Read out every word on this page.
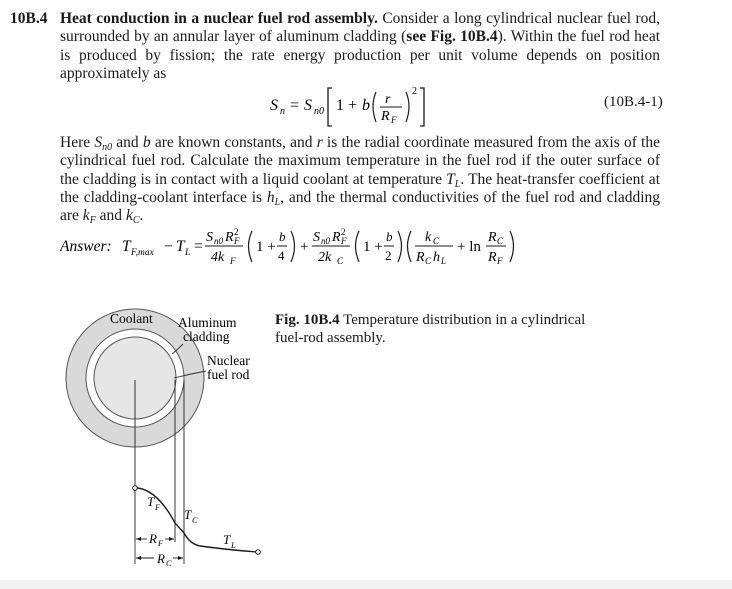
10B.4 Heat conduction in a nuclear fuel rod assembly. Consider a long cylindrical nuclear fuel rod, surrounded by an annular layer of aluminum cladding (see Fig. 10B.4). Within the fuel rod heat is produced by fission; the rate energy production per unit volume depends on position approximately as

S n = S n0 1 + b r
R F
2
(10B.4-1)

Here $S_{n0}$ and b are known constants, and r is the radial coordinate measured from the axis of the cylindrical fuel rod. Calculate the maximum temperature in the fuel rod if the outer surface of the cladding is in contact with a liquid coolant at temperature $T_L$. The heat-transfer coefficient at the cladding-coolant interface is $h_L$, and the thermal conductivities of the fuel rod and cladding are $k_F$ and $k_C$.

Answer: T F,max − T L =
S n0 R 2
F
4k F
1 +
b
4
+
S n0 R 2
F
2k C
1 +
b
2
k C
R C h L
+ ln
R C
R F
Coolant Aluminum
cladding
Nuclear
fuel rod
T F T C
T L
R F
R C

Fig. 10B.4 Temperature distribution in a cylindrical fuel-rod assembly.
